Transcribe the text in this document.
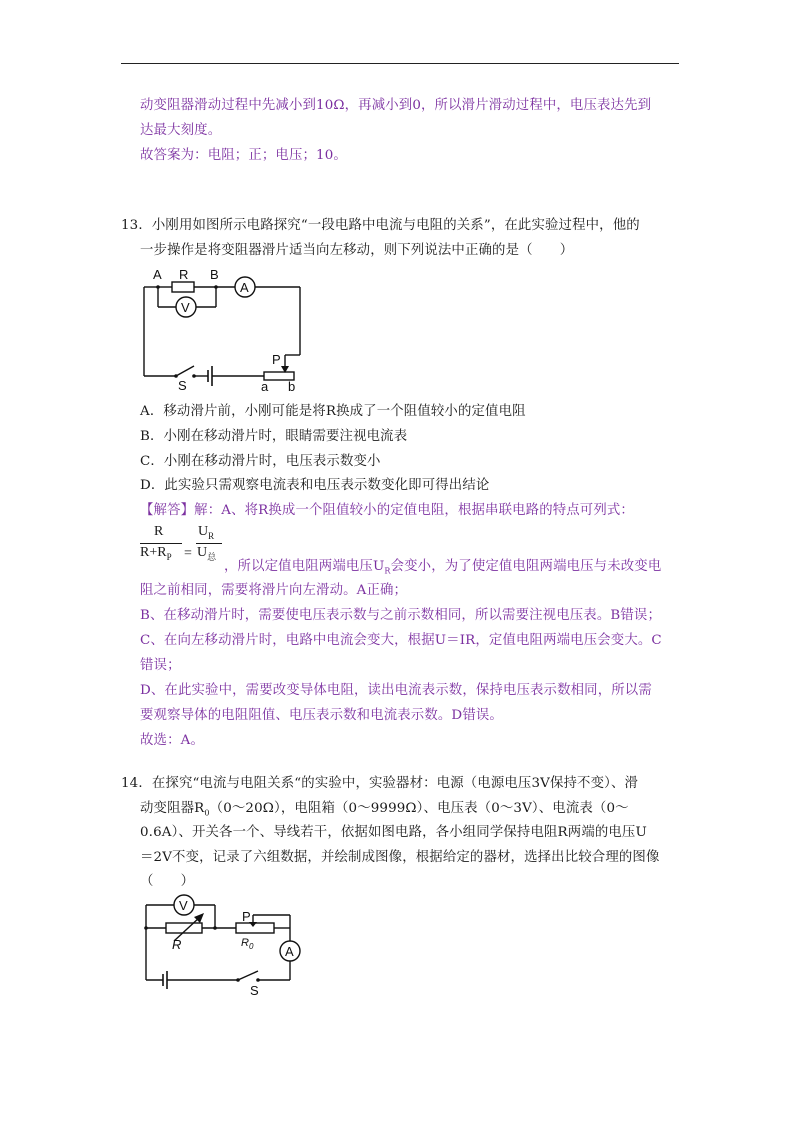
动变阻器滑动过程中先减小到10Ω，再减小到0，所以滑片滑动过程中，电压表达先到
达最大刻度。
故答案为：电阻；正；电压；10。
13．小刚用如图所示电路探究“一段电路中电流与电阻的关系”，在此实验过程中，他的
一步操作是将变阻器滑片适当向左移动，则下列说法中正确的是（　　）
A R B
V
A
P
S	a b
A．移动滑片前，小刚可能是将R换成了一个阻值较小的定值电阻
B．小刚在移动滑片时，眼睛需要注视电流表
C．小刚在移动滑片时，电压表示数变小
D．此实验只需观察电流表和电压表示数变化即可得出结论
【解答】解：A、将R换成一个阻值较小的定值电阻，根据串联电路的特点可列式：
R
$R+R_P$ =
$U_R$
$U_总$
，所以定值电阻两端电压$U_R$会变小，为了使定值电阻两端电压与未改变电
阻之前相同，需要将滑片向左滑动。A正确；
B、在移动滑片时，需要使电压表示数与之前示数相同，所以需要注视电压表。B错误；
C、在向左移动滑片时，电路中电流会变大，根据U＝IR，定值电阻两端电压会变大。C
错误；
D、在此实验中，需要改变导体电阻，读出电流表示数，保持电压表示数相同，所以需
要观察导体的电阻阻值、电压表示数和电流表示数。D错误。
故选：A。
14．在探究“电流与电阻关系“的实验中，实验器材：电源（电源电压3V保持不变）、滑
动变阻器$R_0(0\sim 20\Omega)$，电阻箱（0～9999Ω）、电压表（0～3V）、电流表（0～
0.6A）、开关各一个、导线若干，依据如图电路，各小组同学保持电阻R两端的电压U
＝2V不变，记录了六组数据，并绘制成图像，根据给定的器材，选择出比较合理的图像
（　　）
V
R
P
$R_0$ A
S
